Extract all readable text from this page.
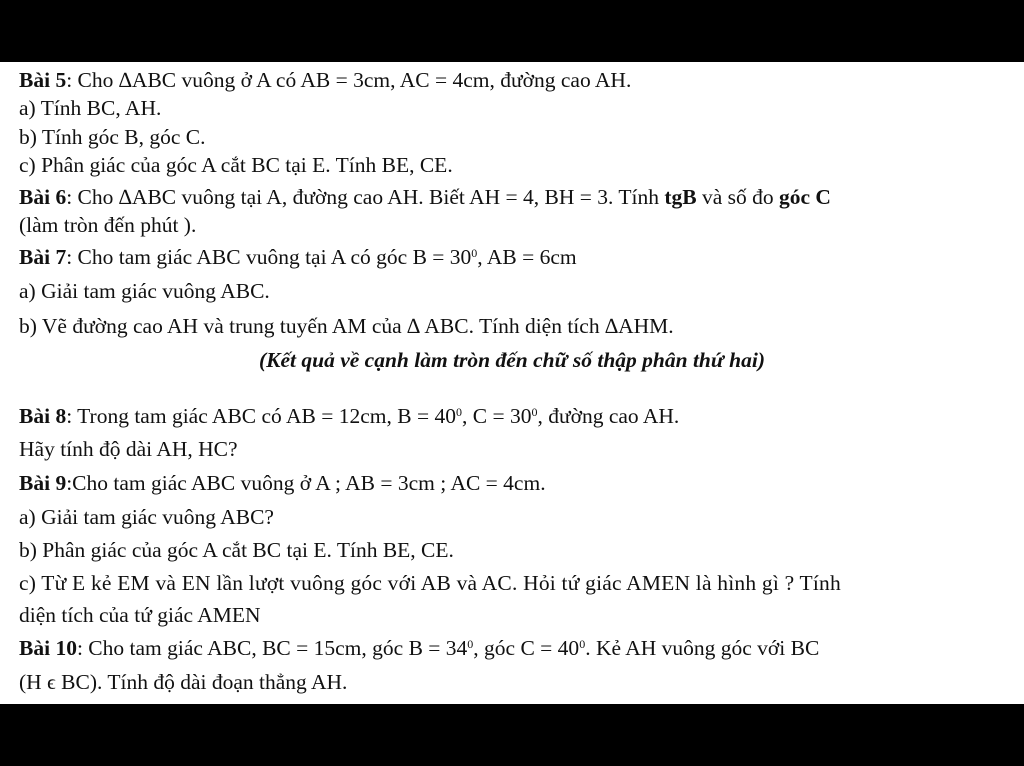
Bài 5: Cho ∆ABC vuông ở A có AB = 3cm, AC = 4cm, đường cao AH.
a) Tính BC, AH.
b) Tính góc B, góc C.
c) Phân giác của góc A cắt BC tại E. Tính BE, CE.
Bài 6: Cho ∆ABC vuông tại A, đường cao AH. Biết AH = 4, BH = 3. Tính tgB và số đo góc C
(làm tròn đến phút ).
Bài 7: Cho tam giác ABC vuông tại A có góc $B = 30^0$, AB = 6cm
a) Giải tam giác vuông ABC.
b) Vẽ đường cao AH và trung tuyến AM của ∆ ABC. Tính diện tích ∆AHM.
(Kết quả về cạnh làm tròn đến chữ số thập phân thứ hai)
Bài 8: Trong tam giác ABC có AB = 12cm, $B = 40^0$, $C = 30^0$, đường cao AH.
Hãy tính độ dài AH, HC?
Bài 9:Cho tam giác ABC vuông ở A ; AB = 3cm ; AC = 4cm.
a) Giải tam giác vuông ABC?
b) Phân giác của góc A cắt BC tại E. Tính BE, CE.
c) Từ E kẻ EM và EN lần lượt vuông góc với AB và AC. Hỏi tứ giác AMEN là hình gì ? Tính
diện tích của tứ giác AMEN
Bài 10: Cho tam giác ABC, BC = 15cm, góc $B = 34^0$, góc $C = 40^0$. Kẻ AH vuông góc với BC
(H ϵ BC). Tính độ dài đoạn thẳng AH.
